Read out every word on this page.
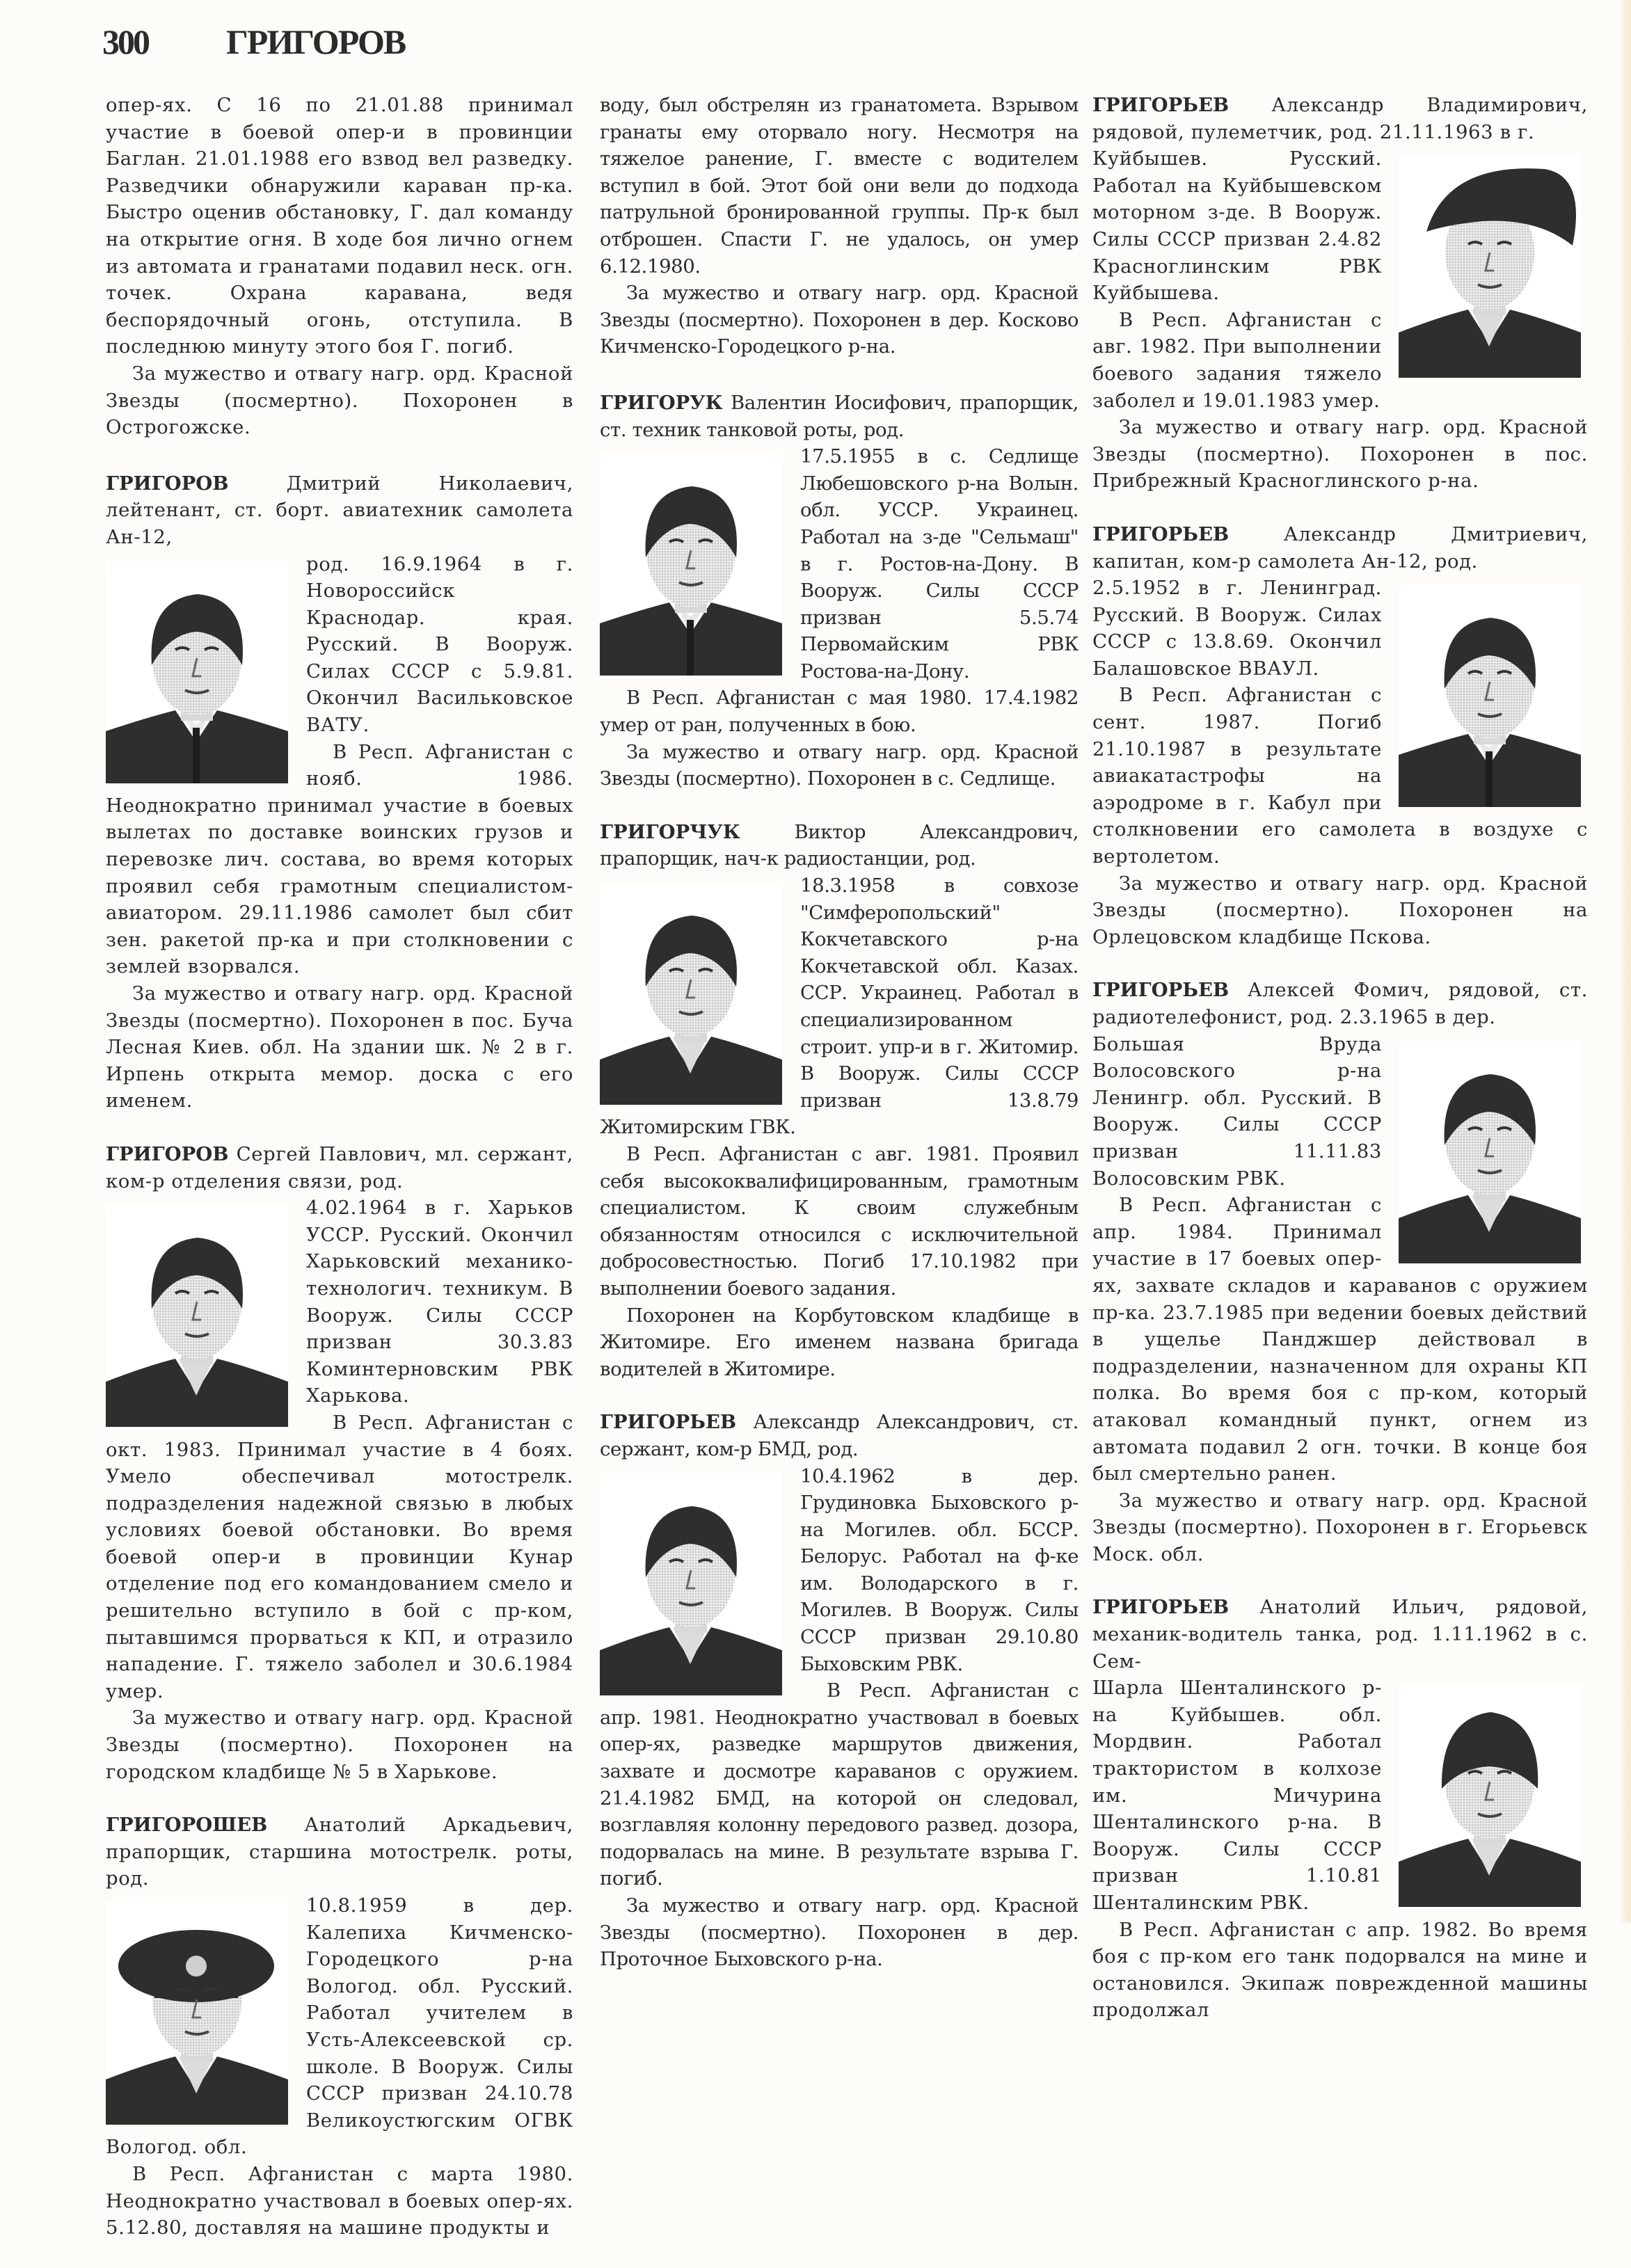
300 ГРИГОРОВ

опер-ях. С 16 по 21.01.88 принимал участие в боевой опер-и в провинции Баглан. 21.01.1988 его взвод вел разведку. Разведчики обнаружили караван пр-ка. Быстро оценив обстановку, Г. дал команду на открытие огня. В ходе боя лично огнем из автомата и гранатами подавил неск. огн. точек. Охрана каравана, ведя беспорядочный огонь, отступила. В последнюю минуту этого боя Г. погиб.

За мужество и отвагу нагр. орд. Красной Звезды (посмертно). Похоронен в Острогожске.

ГРИГОРОВ Дмитрий Николаевич, лейтенант, ст. борт. авиатехник самолета Ан-12,

род. 16.9.1964 в г. Новороссийск Краснодар. края. Русский. В Вооруж. Силах СССР с 5.9.81. Окончил Васильковское ВАТУ.

В Респ. Афганистан с нояб. 1986. Неоднократно принимал участие в боевых вылетах по доставке воинских грузов и перевозке лич. состава, во время которых проявил себя грамотным специалистом-авиатором. 29.11.1986 самолет был сбит зен. ракетой пр-ка и при столкновении с землей взорвался.

За мужество и отвагу нагр. орд. Красной Звезды (посмертно). Похоронен в пос. Буча Лесная Киев. обл. На здании шк. № 2 в г. Ирпень открыта мемор. доска с его именем.

ГРИГОРОВ Сергей Павлович, мл. сержант, ком-р отделения связи, род.

4.02.1964 в г. Харьков УССР. Русский. Окончил Харьковский механико-технологич. техникум. В Вооруж. Силы СССР призван 30.3.83 Коминтерновским РВК Харькова.

В Респ. Афганистан с окт. 1983. Принимал участие в 4 боях. Умело обеспечивал мотострелк. подразделения надежной связью в любых условиях боевой обстановки. Во время боевой опер-и в провинции Кунар отделение под его командованием смело и решительно вступило в бой с пр-ком, пытавшимся прорваться к КП, и отразило нападение. Г. тяжело заболел и 30.6.1984 умер.

За мужество и отвагу нагр. орд. Красной Звезды (посмертно). Похоронен на городском кладбище № 5 в Харькове.

ГРИГОРОШЕВ Анатолий Аркадьевич, прапорщик, старшина мотострелк. роты, род.

10.8.1959 в дер. Калепиха Кичменско-Городецкого р-на Вологод. обл. Русский. Работал учителем в Усть-Алексеевской ср. школе. В Вооруж. Силы СССР призван 24.10.78 Великоустюгским ОГВК Вологод. обл.

В Респ. Афганистан с марта 1980. Неоднократно участвовал в боевых опер-ях. 5.12.80, доставляя на машине продукты и

воду, был обстрелян из гранатомета. Взрывом гранаты ему оторвало ногу. Несмотря на тяжелое ранение, Г. вместе с водителем вступил в бой. Этот бой они вели до подхода патрульной бронированной группы. Пр-к был отброшен. Спасти Г. не удалось, он умер 6.12.1980.

За мужество и отвагу нагр. орд. Красной Звезды (посмертно). Похоронен в дер. Косково Кичменско-Городецкого р-на.

ГРИГОРУК Валентин Иосифович, прапорщик, ст. техник танковой роты, род.

17.5.1955 в с. Седлище Любешовского р-на Волын. обл. УССР. Украинец. Работал на з-де "Сельмаш" в г. Ростов-на-Дону. В Вооруж. Силы СССР призван 5.5.74 Первомайским РВК Ростова-на-Дону.

В Респ. Афганистан с мая 1980. 17.4.1982 умер от ран, полученных в бою.

За мужество и отвагу нагр. орд. Красной Звезды (посмертно). Похоронен в с. Седлище.

ГРИГОРЧУК Виктор Александрович, прапорщик, нач-к радиостанции, род.

18.3.1958 в совхозе "Симферопольский" Кокчетавского р-на Кокчетавской обл. Казах. ССР. Украинец. Работал в специализированном строит. упр-и в г. Житомир. В Вооруж. Силы СССР призван 13.8.79 Житомирским ГВК.

В Респ. Афганистан с авг. 1981. Проявил себя высококвалифицированным, грамотным специалистом. К своим служебным обязанностям относился с исключительной добросовестностью. Погиб 17.10.1982 при выполнении боевого задания.

Похоронен на Корбутовском кладбище в Житомире. Его именем названа бригада водителей в Житомире.

ГРИГОРЬЕВ Александр Александрович, ст. сержант, ком-р БМД, род.

10.4.1962 в дер. Грудиновка Быховского р-на Могилев. обл. БССР. Белорус. Работал на ф-ке им. Володарского в г. Могилев. В Вооруж. Силы СССР призван 29.10.80 Быховским РВК.

В Респ. Афганистан с апр. 1981. Неоднократно участвовал в боевых опер-ях, разведке маршрутов движения, захвате и досмотре караванов с оружием. 21.4.1982 БМД, на которой он следовал, возглавляя колонну передового развед. дозора, подорвалась на мине. В результате взрыва Г. погиб.

За мужество и отвагу нагр. орд. Красной Звезды (посмертно). Похоронен в дер. Проточное Быховского р-на.

ГРИГОРЬЕВ Александр Владимирович, рядовой, пулеметчик, род. 21.11.1963 в г.

Куйбышев. Русский. Работал на Куйбышевском моторном з-де. В Вооруж. Силы СССР призван 2.4.82 Красноглинским РВК Куйбышева.

В Респ. Афганистан с авг. 1982. При выполнении боевого задания тяжело заболел и 19.01.1983 умер.

За мужество и отвагу нагр. орд. Красной Звезды (посмертно). Похоронен в пос. Прибрежный Красноглинского р-на.

ГРИГОРЬЕВ Александр Дмитриевич, капитан, ком-р самолета Ан-12, род.

2.5.1952 в г. Ленинград. Русский. В Вооруж. Силах СССР с 13.8.69. Окончил Балашовское ВВАУЛ.

В Респ. Афганистан с сент. 1987. Погиб 21.10.1987 в результате авиакатастрофы на аэродроме в г. Кабул при столкновении его самолета в воздухе с вертолетом.

За мужество и отвагу нагр. орд. Красной Звезды (посмертно). Похоронен на Орлецовском кладбище Пскова.

ГРИГОРЬЕВ Алексей Фомич, рядовой, ст. радиотелефонист, род. 2.3.1965 в дер.

Большая Вруда Волосовского р-на Ленингр. обл. Русский. В Вооруж. Силы СССР призван 11.11.83 Волосовским РВК.

В Респ. Афганистан с апр. 1984. Принимал участие в 17 боевых опер-ях, захвате складов и караванов с оружием пр-ка. 23.7.1985 при ведении боевых действий в ущелье Панджшер действовал в подразделении, назначенном для охраны КП полка. Во время боя с пр-ком, который атаковал командный пункт, огнем из автомата подавил 2 огн. точки. В конце боя был смертельно ранен.

За мужество и отвагу нагр. орд. Красной Звезды (посмертно). Похоронен в г. Егорьевск Моск. обл.

ГРИГОРЬЕВ Анатолий Ильич, рядовой, механик-водитель танка, род. 1.11.1962 в с. Сем-

Шарла Шенталинского р-на Куйбышев. обл. Мордвин. Работал трактористом в колхозе им. Мичурина Шенталинского р-на. В Вооруж. Силы СССР призван 1.10.81 Шенталинским РВК.

В Респ. Афганистан с апр. 1982. Во время боя с пр-ком его танк подорвался на мине и остановился. Экипаж поврежденной машины продолжал
